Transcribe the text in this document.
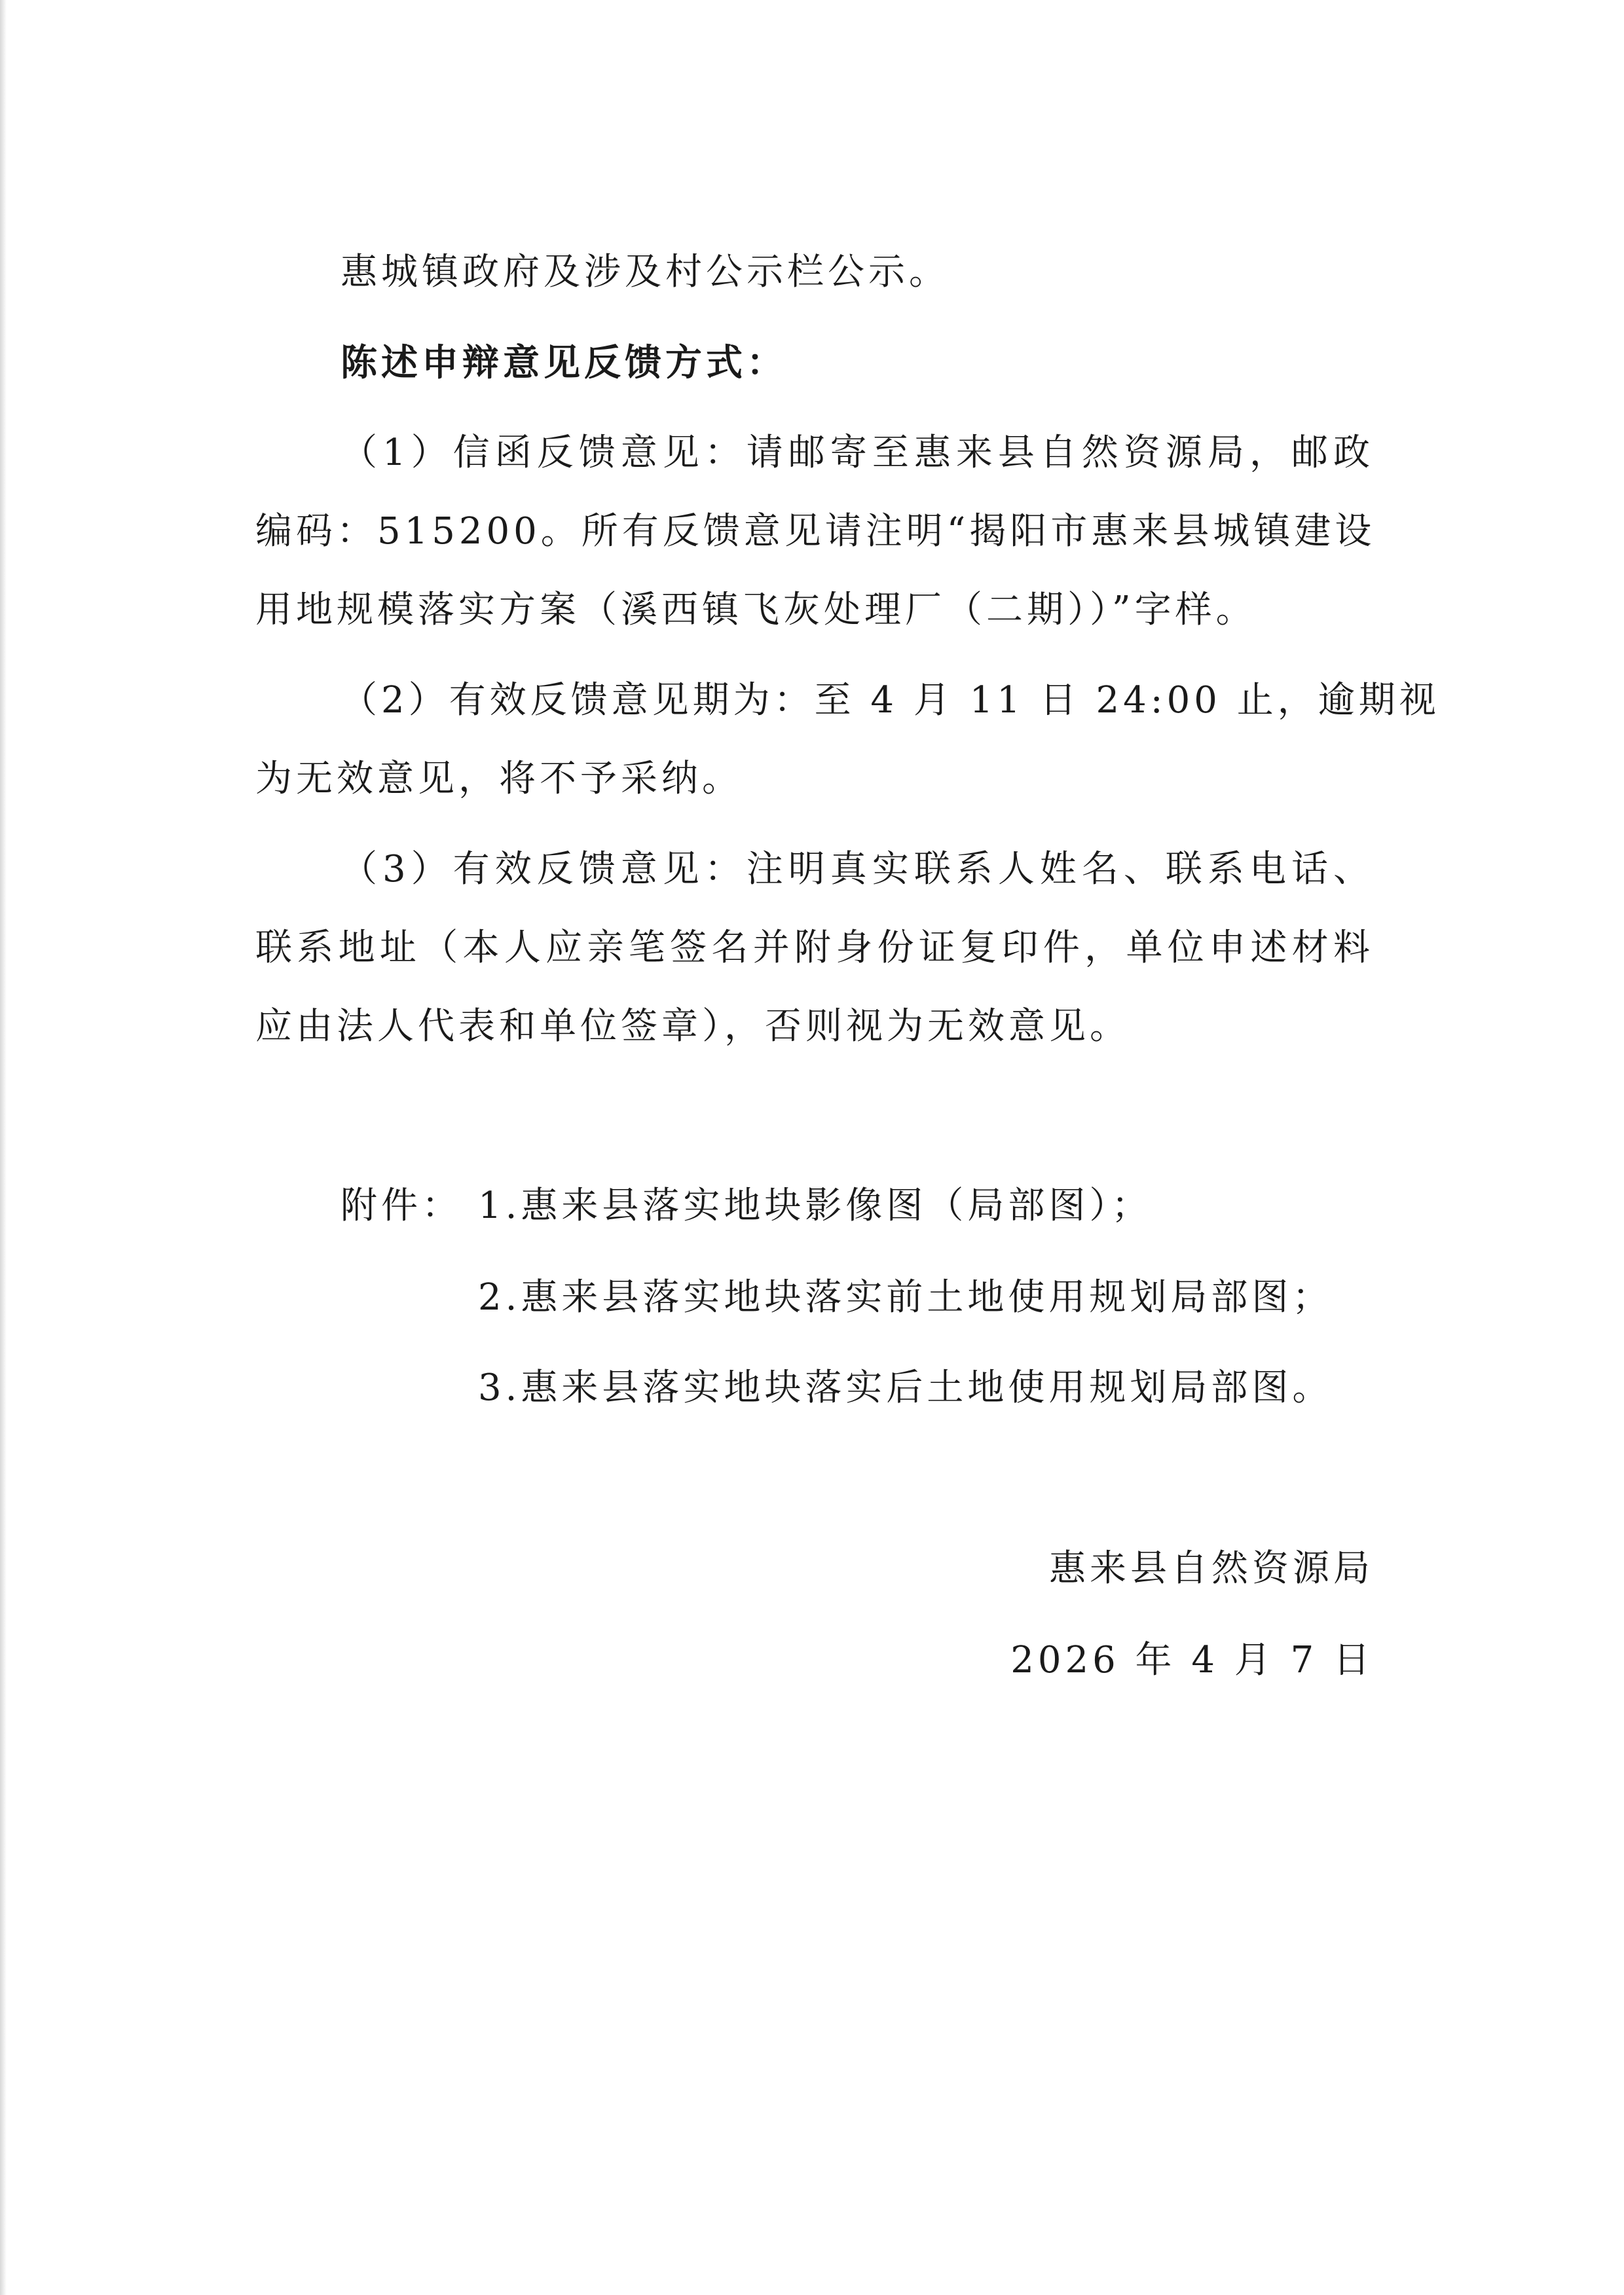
惠城镇政府及涉及村公示栏公示。
陈述申辩意见反馈方式：
（1）信函反馈意见：请邮寄至惠来县自然资源局，邮政
编码：515200。所有反馈意见请注明“揭阳市惠来县城镇建设
用地规模落实方案（溪西镇飞灰处理厂（二期））”字样。
（2）有效反馈意见期为：至 4 月 11 日 24:00 止，逾期视
为无效意见，将不予采纳。
（3）有效反馈意见：注明真实联系人姓名、联系电话、
联系地址（本人应亲笔签名并附身份证复印件，单位申述材料
应由法人代表和单位签章），否则视为无效意见。
附件： 1.惠来县落实地块影像图（局部图）；
2.惠来县落实地块落实前土地使用规划局部图；
3.惠来县落实地块落实后土地使用规划局部图。
惠来县自然资源局
2026 年 4 月 7 日
